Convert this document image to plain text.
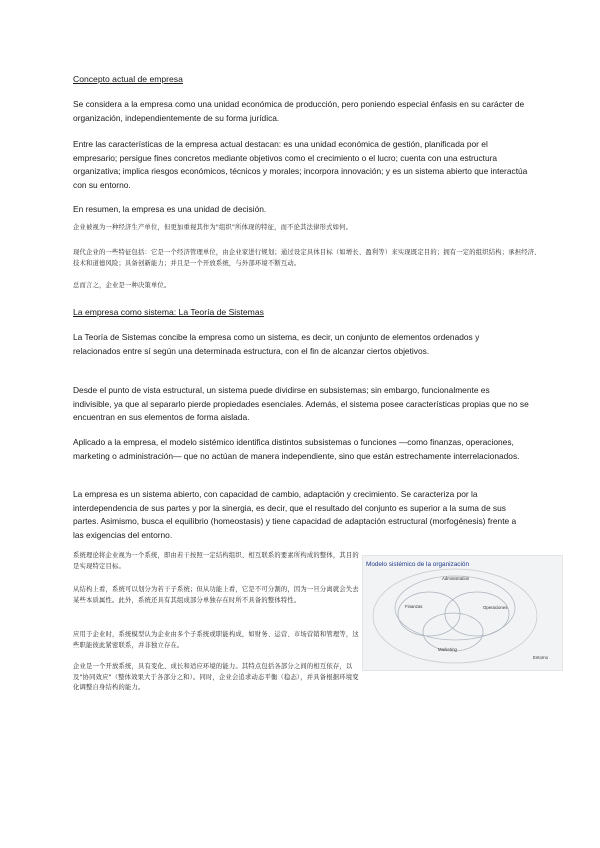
Concepto actual de empresa
Se considera a la empresa como una unidad económica de producción, pero poniendo especial énfasis en su carácter de organización, independientemente de su forma jurídica.
Entre las características de la empresa actual destacan: es una unidad económica de gestión, planificada por el empresario; persigue fines concretos mediante objetivos como el crecimiento o el lucro; cuenta con una estructura organizativa; implica riesgos económicos, técnicos y morales; incorpora innovación; y es un sistema abierto que interactúa con su entorno.
En resumen, la empresa es una unidad de decisión.
企业被视为一种经济生产单位，但更加重视其作为"组织"所体现的特征，而不论其法律形式如何。
现代企业的一些特征包括：它是一个经济管理单位，由企业家进行规划；通过设定具体目标（如增长、盈利等）来实现既定目的；拥有一定的组织结构；承担经济、技术和道德风险；具备创新能力；并且是一个开放系统，与外部环境不断互动。
总而言之，企业是一种决策单位。
La empresa como sistema: La Teoría de Sistemas
La Teoría de Sistemas concibe la empresa como un sistema, es decir, un conjunto de elementos ordenados y relacionados entre sí según una determinada estructura, con el fin de alcanzar ciertos objetivos.
Desde el punto de vista estructural, un sistema puede dividirse en subsistemas; sin embargo, funcionalmente es indivisible, ya que al separarlo pierde propiedades esenciales. Además, el sistema posee características propias que no se encuentran en sus elementos de forma aislada.
Aplicado a la empresa, el modelo sistémico identifica distintos subsistemas o funciones —como finanzas, operaciones, marketing o administración— que no actúan de manera independiente, sino que están estrechamente interrelacionados.
La empresa es un sistema abierto, con capacidad de cambio, adaptación y crecimiento. Se caracteriza por la interdependencia de sus partes y por la sinergia, es decir, que el resultado del conjunto es superior a la suma de sus partes. Asimismo, busca el equilibrio (homeostasis) y tiene capacidad de adaptación estructural (morfogénesis) frente a las exigencias del entorno.
系统理论将企业视为一个系统，即由若干按照一定结构组织、相互联系的要素所构成的整体，其目的是实现特定目标。
从结构上看，系统可以划分为若干子系统；但从功能上看，它是不可分割的，因为一旦分离就会失去某些本质属性。此外，系统还具有其组成部分单独存在时所不具备的整体特性。
应用于企业时，系统模型认为企业由多个子系统或职能构成，如财务、运营、市场营销和管理等，这些职能彼此紧密联系，并非独立存在。
企业是一个开放系统，具有变化、成长和适应环境的能力。其特点包括各部分之间的相互依存，以及"协同效应"（整体效果大于各部分之和）。同时，企业会追求动态平衡（稳态），并具备根据环境变化调整自身结构的能力。
Modelo sistémico de la organización
Administration
Finanzas	Operaciones
Marketing
Entorno
